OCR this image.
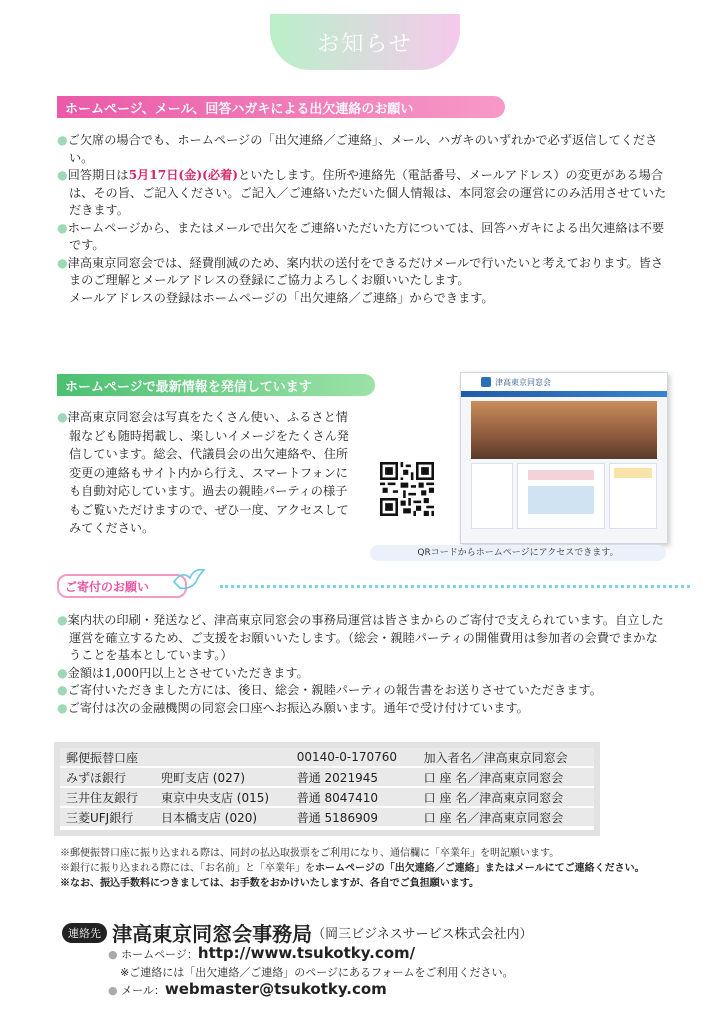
お知らせ
ホームページ、メール、回答ハガキによる出欠連絡のお願い

●ご欠席の場合でも、ホームページの「出欠連絡／ご連絡」、メール、ハガキのいずれかで必ず返信してください。

●回答期日は5月17日(金)(必着)といたします。住所や連絡先（電話番号、メールアドレス）の変更がある場合は、その旨、ご記入ください。ご記入／ご連絡いただいた個人情報は、本同窓会の運営にのみ活用させていただきます。

●ホームページから、またはメールで出欠をご連絡いただいた方については、回答ハガキによる出欠連絡は不要です。

●津高東京同窓会では、経費削減のため、案内状の送付をできるだけメールで行いたいと考えております。皆さまのご理解とメールアドレスの登録にご協力よろしくお願いいたします。

メールアドレスの登録はホームページの「出欠連絡／ご連絡」からできます。

ホームページで最新情報を発信しています

●津高東京同窓会は写真をたくさん使い、ふるさと情報なども随時掲載し、楽しいイメージをたくさん発信しています。総会、代議員会の出欠連絡や、住所変更の連絡もサイト内から行え、スマートフォンにも自動対応しています。過去の親睦パーティの様子もご覧いただけますので、ぜひ一度、アクセスしてみてください。

津高東京同窓会
QRコードからホームページにアクセスできます。
ご寄付のお願い

●案内状の印刷・発送など、津高東京同窓会の事務局運営は皆さまからのご寄付で支えられています。自立した運営を確立するため、ご支援をお願いいたします。（総会・親睦パーティの開催費用は参加者の会費でまかなうことを基本としています。）

●金額は1,000円以上とさせていただきます。

●ご寄付いただきました方には、後日、総会・親睦パーティの報告書をお送りさせていただきます。

●ご寄付は次の金融機関の同窓会口座へお振込み願います。通年で受け付けています。

郵便振替口座		00140-0-170760	加入者名／津高東京同窓会
みずほ銀行	兜町支店 (027)	普通 2021945	口 座 名／津高東京同窓会
三井住友銀行	東京中央支店 (015)	普通 8047410	口 座 名／津高東京同窓会
三菱UFJ銀行	日本橋支店 (020)	普通 5186909	口 座 名／津高東京同窓会
※郵便振替口座に振り込まれる際は、同封の払込取扱票をご利用になり、通信欄に「卒業年」を明記願います。
※銀行に振り込まれる際には、「お名前」と「卒業年」をホームページの「出欠連絡／ご連絡」またはメールにてご連絡ください。
※なお、振込手数料につきましては、お手数をおかけいたしますが、各自でご負担願います。
連絡先 津高東京同窓会事務局（岡三ビジネスサービス株式会社内）
● ホームページ：http://www.tsukotky.com/
※ご連絡には「出欠連絡／ご連絡」のページにあるフォームをご利用ください。
● メール：webmaster@tsukotky.com
